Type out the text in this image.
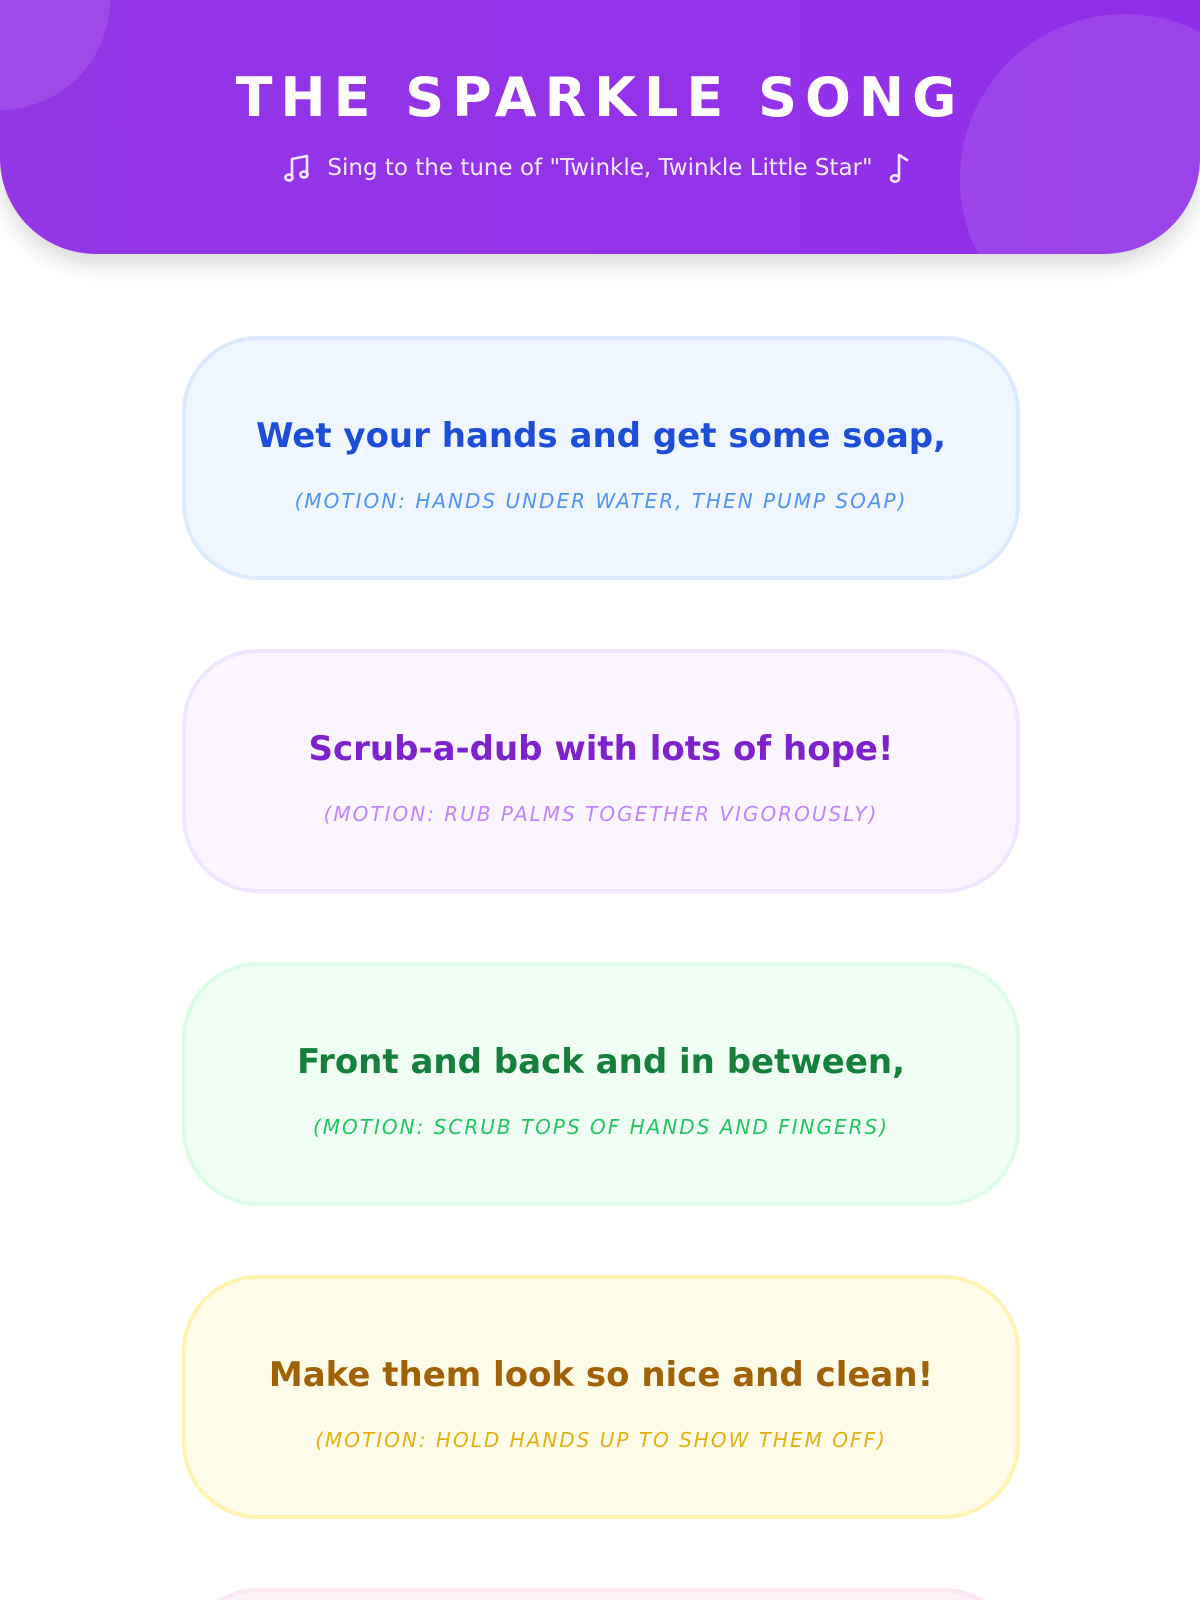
THE SPARKLE SONG
Sing to the tune of "Twinkle, Twinkle Little Star"

Wet your hands and get some soap,

(MOTION: HANDS UNDER WATER, THEN PUMP SOAP)

Scrub-a-dub with lots of hope!

(MOTION: RUB PALMS TOGETHER VIGOROUSLY)

Front and back and in between,

(MOTION: SCRUB TOPS OF HANDS AND FINGERS)

Make them look so nice and clean!

(MOTION: HOLD HANDS UP TO SHOW THEM OFF)
